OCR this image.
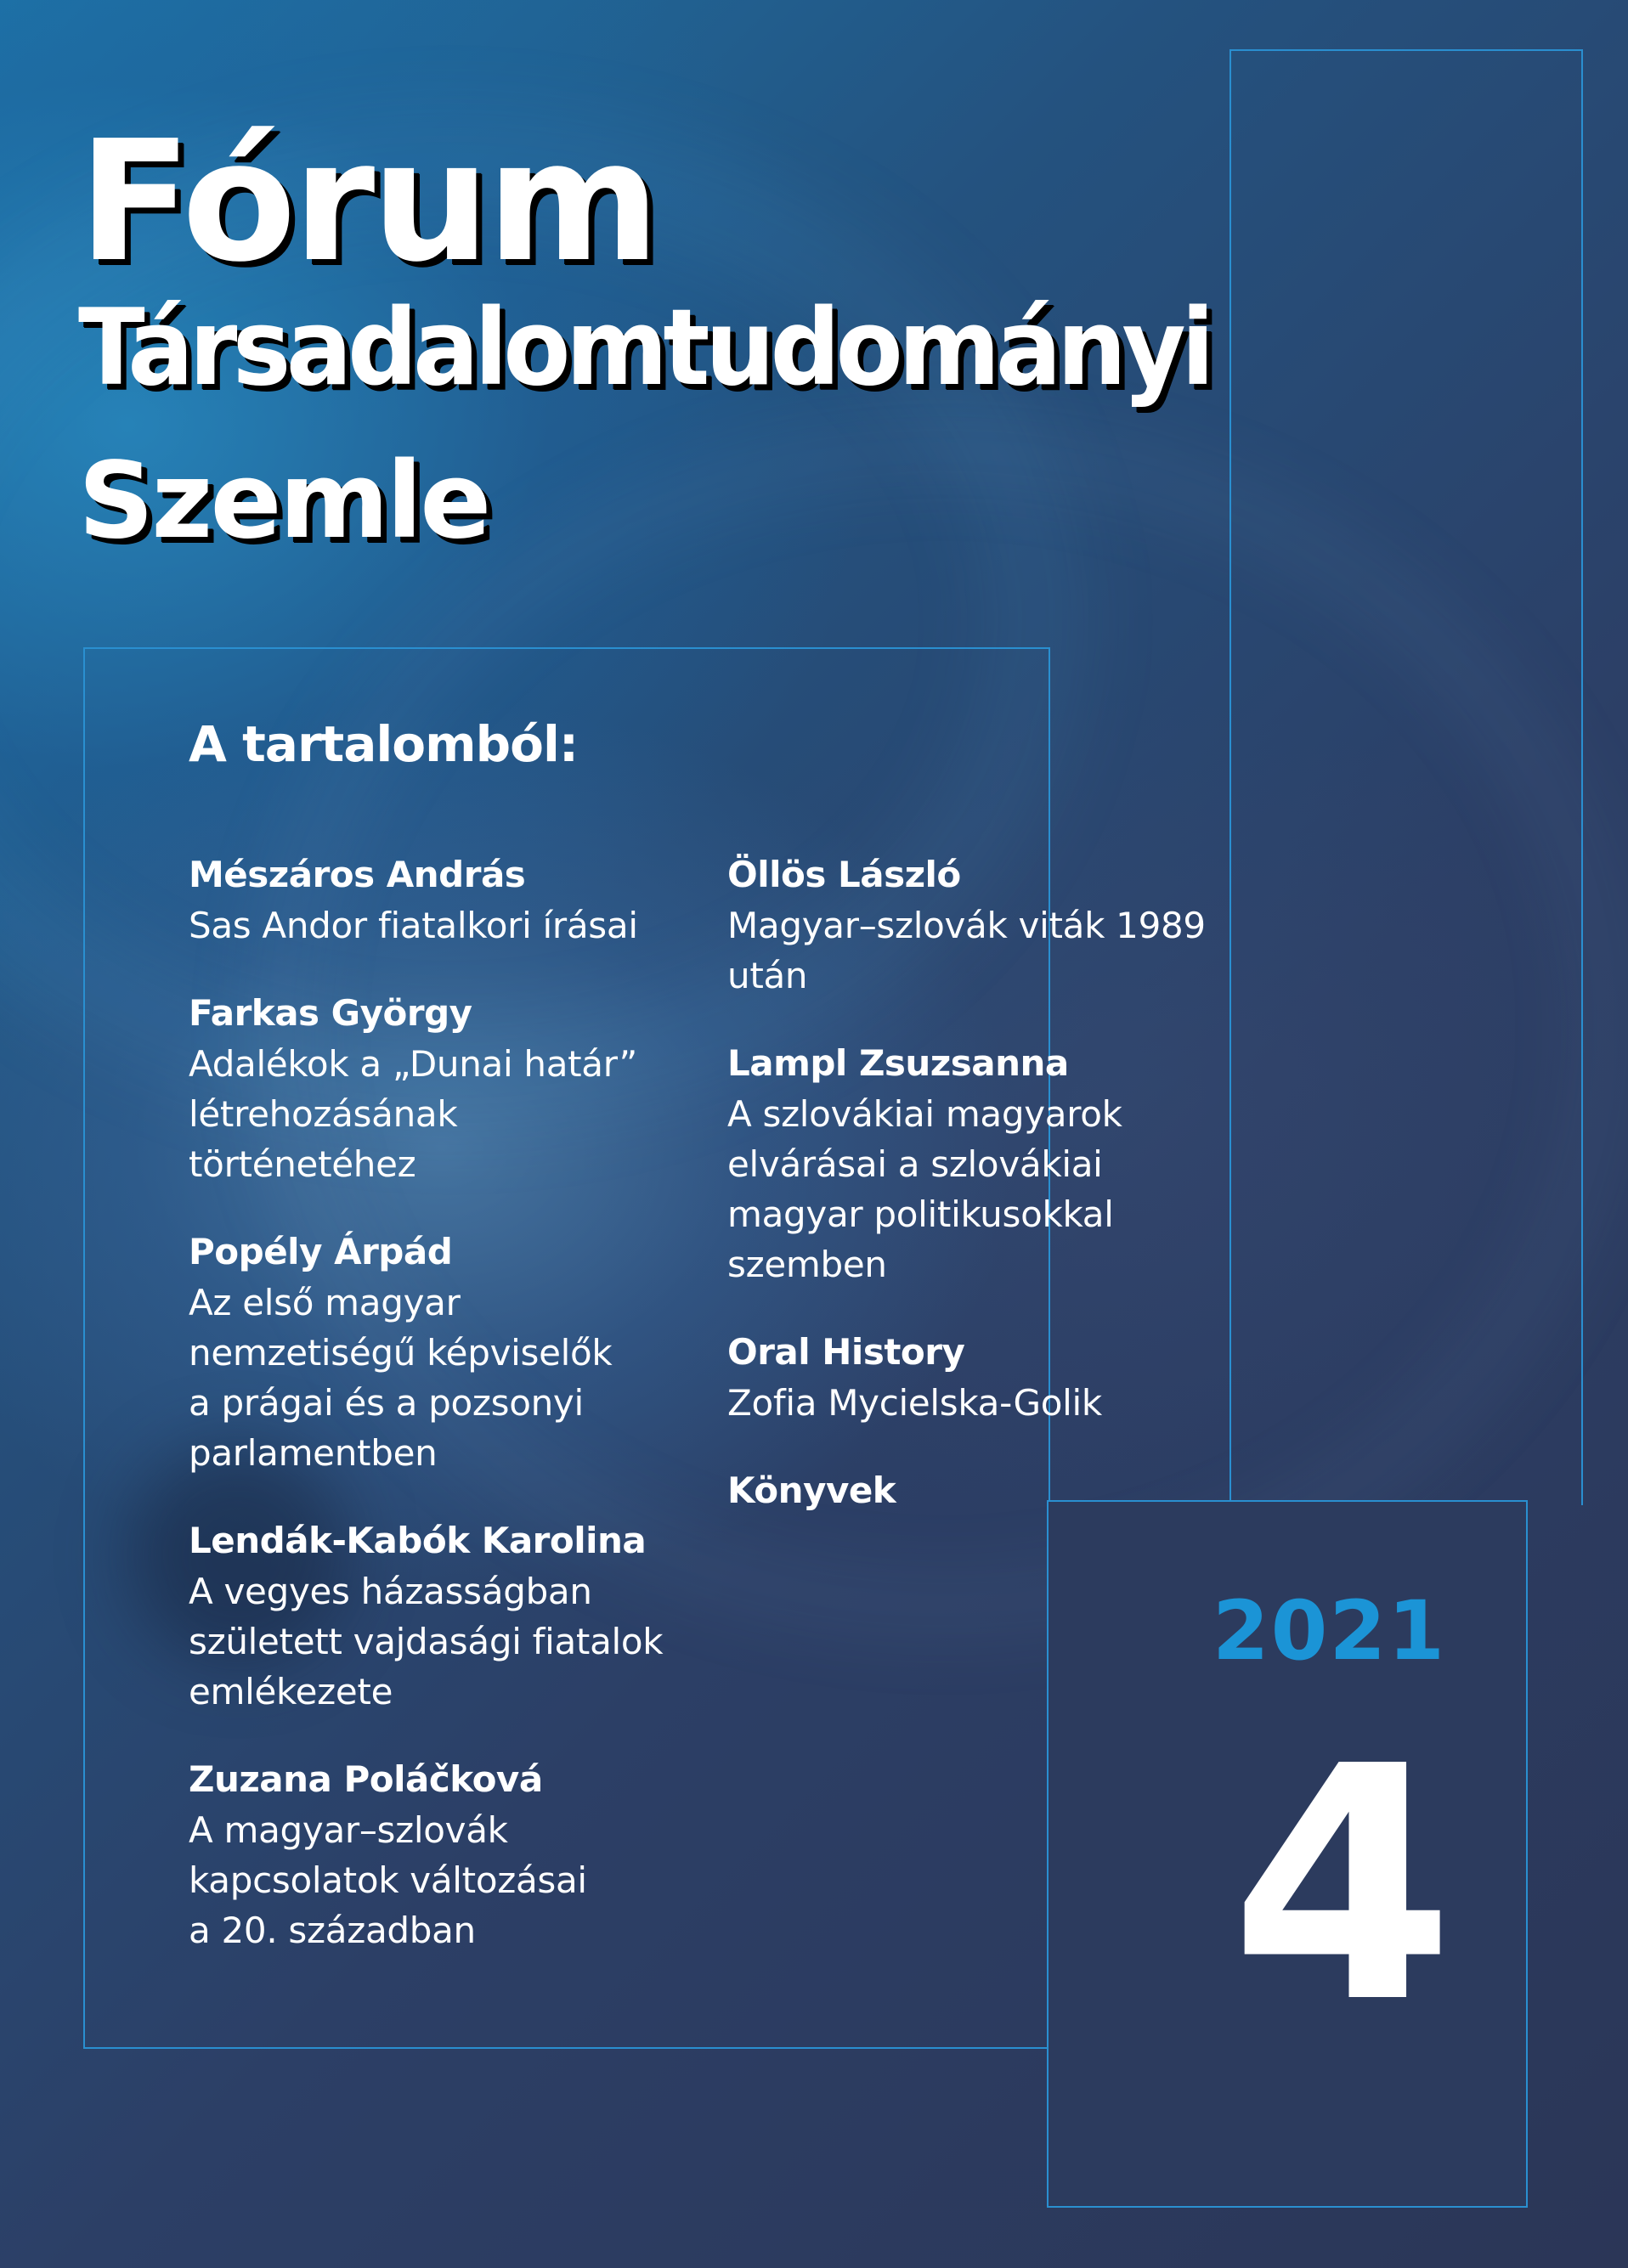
Fórum
Társadalomtudományi
Szemle
A tartalomból:
Mészáros András
Sas Andor fiatalkori írásai
Farkas György
Adalékok a „Dunai határ”
létrehozásának
történetéhez
Popély Árpád
Az első magyar
nemzetiségű képviselők
a prágai és a pozsonyi
parlamentben
Lendák-Kabók Karolina
A vegyes házasságban
született vajdasági fiatalok
emlékezete
Zuzana Poláčková
A magyar–szlovák
kapcsolatok változásai
a 20. században
Öllös László
Magyar–szlovák viták 1989
után
Lampl Zsuzsanna
A szlovákiai magyarok
elvárásai a szlovákiai
magyar politikusokkal
szemben
Oral History
Zofia Mycielska-Golik
Könyvek
2021
4
